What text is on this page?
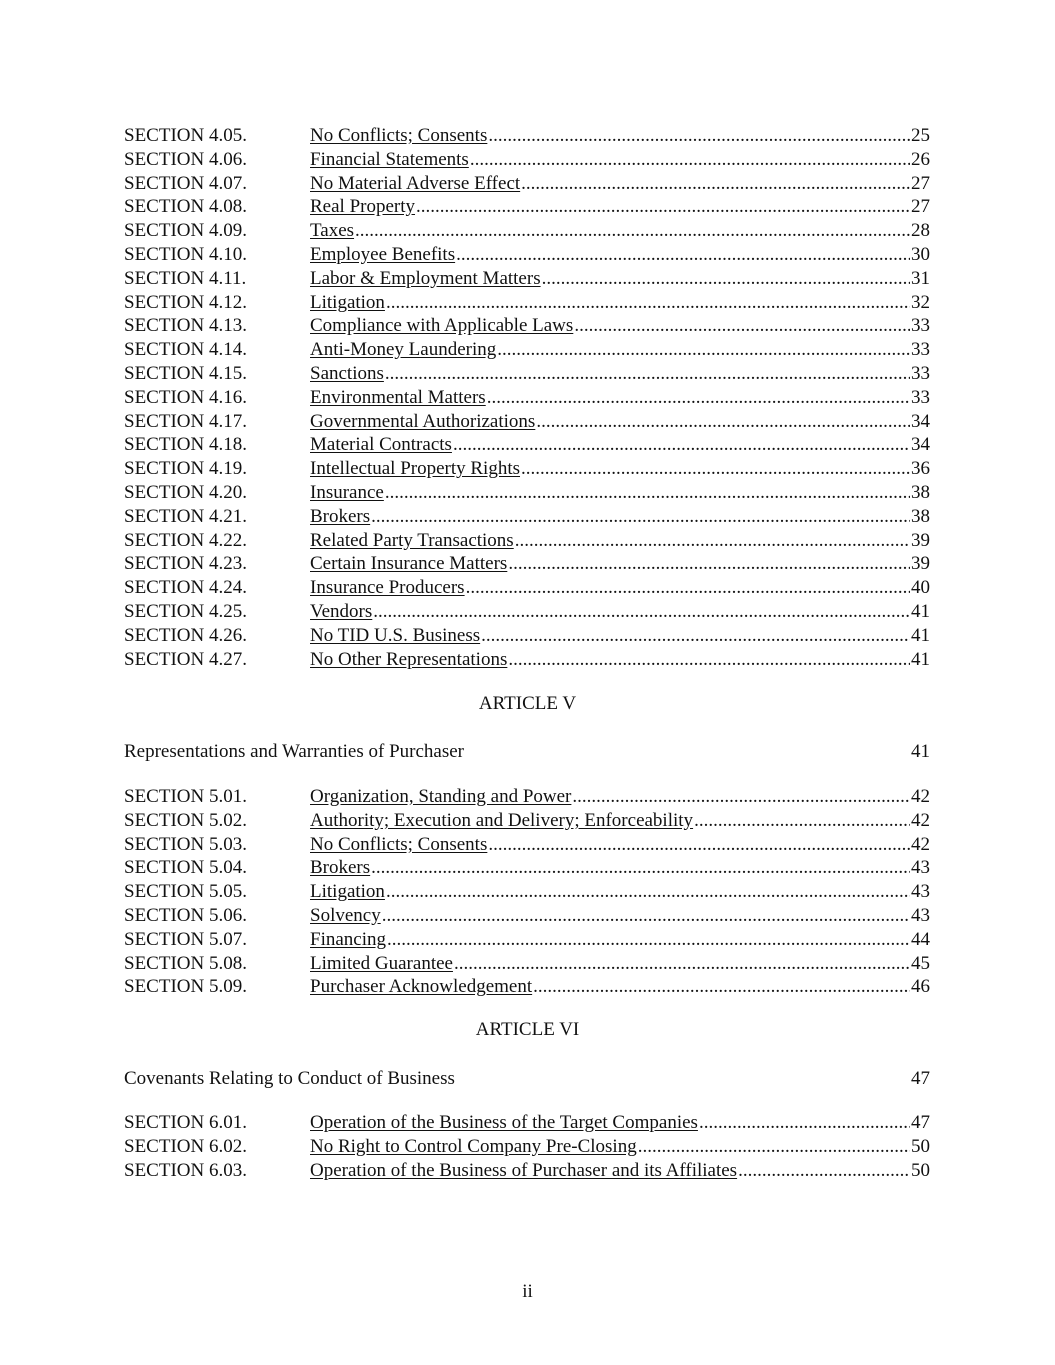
SECTION 4.05.	No Conflicts; Consents .....	25
SECTION 4.06.	Financial Statements .....	26
SECTION 4.07.	No Material Adverse Effect .....	27
SECTION 4.08.	Real Property .....	27
SECTION 4.09.	Taxes .....	28
SECTION 4.10.	Employee Benefits .....	30
SECTION 4.11.	Labor & Employment Matters .....	31
SECTION 4.12.	Litigation .....	32
SECTION 4.13.	Compliance with Applicable Laws .....	33
SECTION 4.14.	Anti-Money Laundering .....	33
SECTION 4.15.	Sanctions .....	33
SECTION 4.16.	Environmental Matters .....	33
SECTION 4.17.	Governmental Authorizations .....	34
SECTION 4.18.	Material Contracts .....	34
SECTION 4.19.	Intellectual Property Rights .....	36
SECTION 4.20.	Insurance .....	38
SECTION 4.21.	Brokers .....	38
SECTION 4.22.	Related Party Transactions .....	39
SECTION 4.23.	Certain Insurance Matters .....	39
SECTION 4.24.	Insurance Producers .....	40
SECTION 4.25.	Vendors .....	41
SECTION 4.26.	No TID U.S. Business .....	41
SECTION 4.27.	No Other Representations .....	41
ARTICLE V
Representations and Warranties of Purchaser	41
SECTION 5.01.	Organization, Standing and Power .....	42
SECTION 5.02.	Authority; Execution and Delivery; Enforceability .....	42
SECTION 5.03.	No Conflicts; Consents .....	42
SECTION 5.04.	Brokers .....	43
SECTION 5.05.	Litigation .....	43
SECTION 5.06.	Solvency .....	43
SECTION 5.07.	Financing .....	44
SECTION 5.08.	Limited Guarantee .....	45
SECTION 5.09.	Purchaser Acknowledgement .....	46
ARTICLE VI
Covenants Relating to Conduct of Business	47
SECTION 6.01.	Operation of the Business of the Target Companies .....	47
SECTION 6.02.	No Right to Control Company Pre-Closing .....	50
SECTION 6.03.	Operation of the Business of Purchaser and its Affiliates .....	50
ii
